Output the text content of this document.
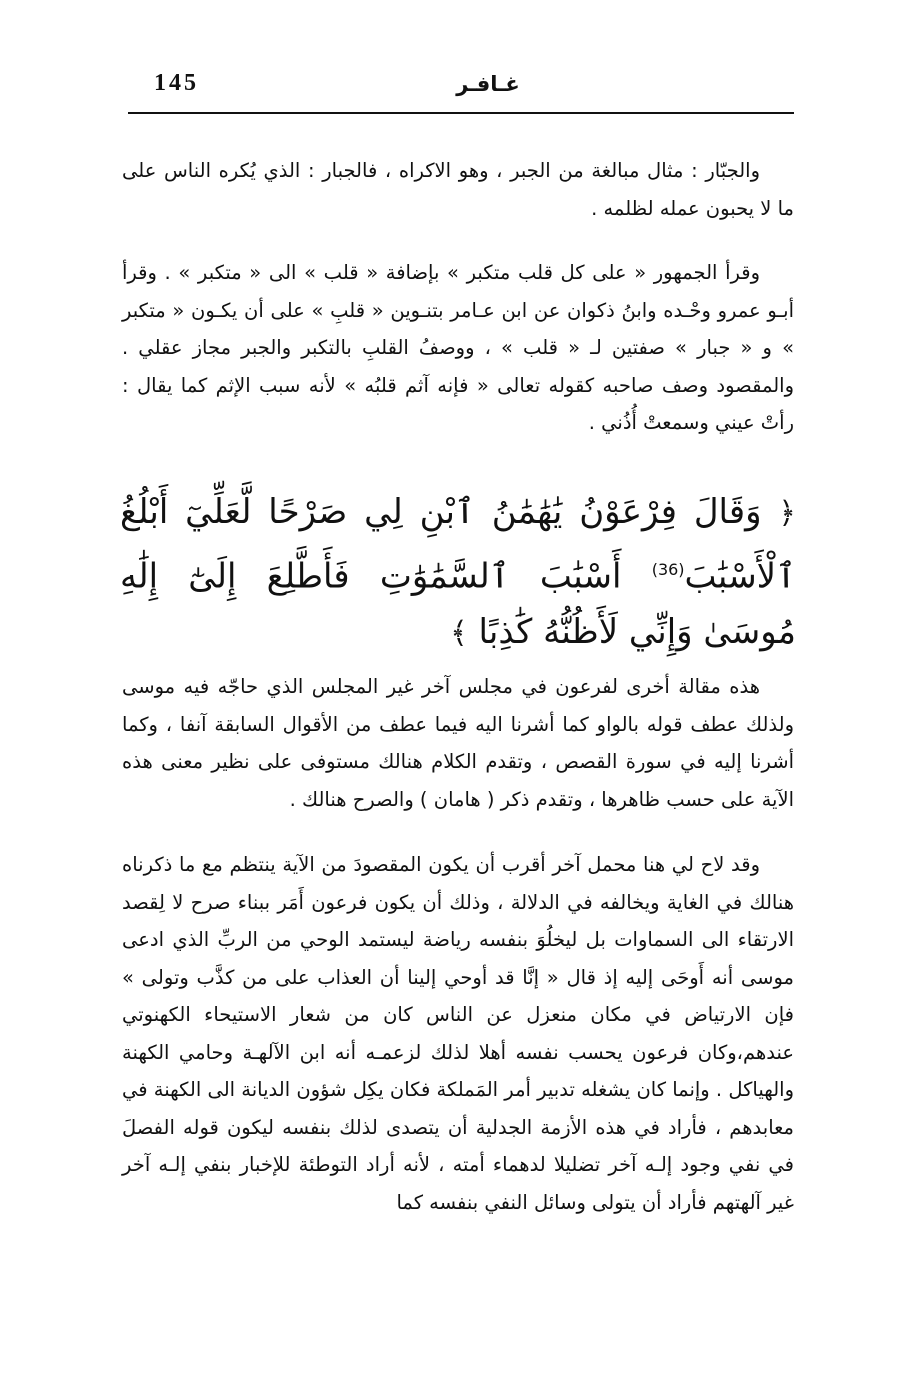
145	غـافـر

والجبّار : مثال مبالغة من الجبر ، وهو الاكراه ، فالجبار : الذي يُكره الناس على ما لا يحبون عمله لظلمه .

وقرأ الجمهور « على كل قلب متكبر » بإضافة « قلب » الى « متكبر » . وقرأ أبـو عمرو وحْـده وابنُ ذكوان عن ابن عـامر بتنـوين « قلبِ » على أن يكـون « متكبر » و « جبار » صفتين لـ « قلب » ، ووصفُ القلبِ بالتكبر والجبر مجاز عقلي . والمقصود وصف صاحبه كقوله تعالى « فإنه آثم قلبُه » لأنه سبب الإثم كما يقال : رأتْ عيني وسمعتْ أُذُني .

﴿ وَقَالَ فِرْعَوْنُ يَٰهَٰمَٰنُ ٱبْنِ لِي صَرْحًا لَّعَلِّيٓ أَبْلُغُ ٱلْأَسْبَٰبَ$^{(36)}$ أَسْبَٰبَ ٱلسَّمَٰوَٰتِ فَأَطَّلِعَ إِلَىٰٓ إِلَٰهِ مُوسَىٰ وَإِنِّي لَأَظُنُّهُ كَٰذِبًا ﴾

هذه مقالة أخرى لفرعون في مجلس آخر غير المجلس الذي حاجّه فيه موسى ولذلك عطف قوله بالواو كما أشرنا اليه فيما عطف من الأقوال السابقة آنفا ، وكما أشرنا إليه في سورة القصص ، وتقدم الكلام هنالك مستوفى على نظير معنى هذه الآية على حسب ظاهرها ، وتقدم ذكر ( هامان ) والصرح هنالك .

وقد لاح لي هنا محمل آخر أقرب أن يكون المقصودَ من الآية ينتظم مع ما ذكرناه هنالك في الغاية ويخالفه في الدلالة ، وذلك أن يكون فرعون أَمَر ببناء صرح لا لِقصد الارتقاء الى السماوات بل ليخلُوَ بنفسه رياضة ليستمد الوحي من الربِّ الذي ادعى موسى أنه أَوحَى إليه إذ قال « إنَّا قد أوحي إلينا أن العذاب على من كذَّب وتولى » فإن الارتياض في مكان منعزل عن الناس كان من شعار الاستيحاء الكهنوتي عندهم،وكان فرعون يحسب نفسه أهلا لذلك لزعمـه أنه ابن الآلهـة وحامي الكهنة والهياكل . وإنما كان يشغله تدبير أمر المَملكة فكان يكِل شؤون الديانة الى الكهنة في معابدهم ، فأراد في هذه الأزمة الجدلية أن يتصدى لذلك بنفسه ليكون قوله الفصلَ في نفي وجود إلـه آخر تضليلا لدهماء أمته ، لأنه أراد التوطئة للإخبار بنفي إلـه آخر غير آلهتهم فأراد أن يتولى وسائل النفي بنفسه كما
